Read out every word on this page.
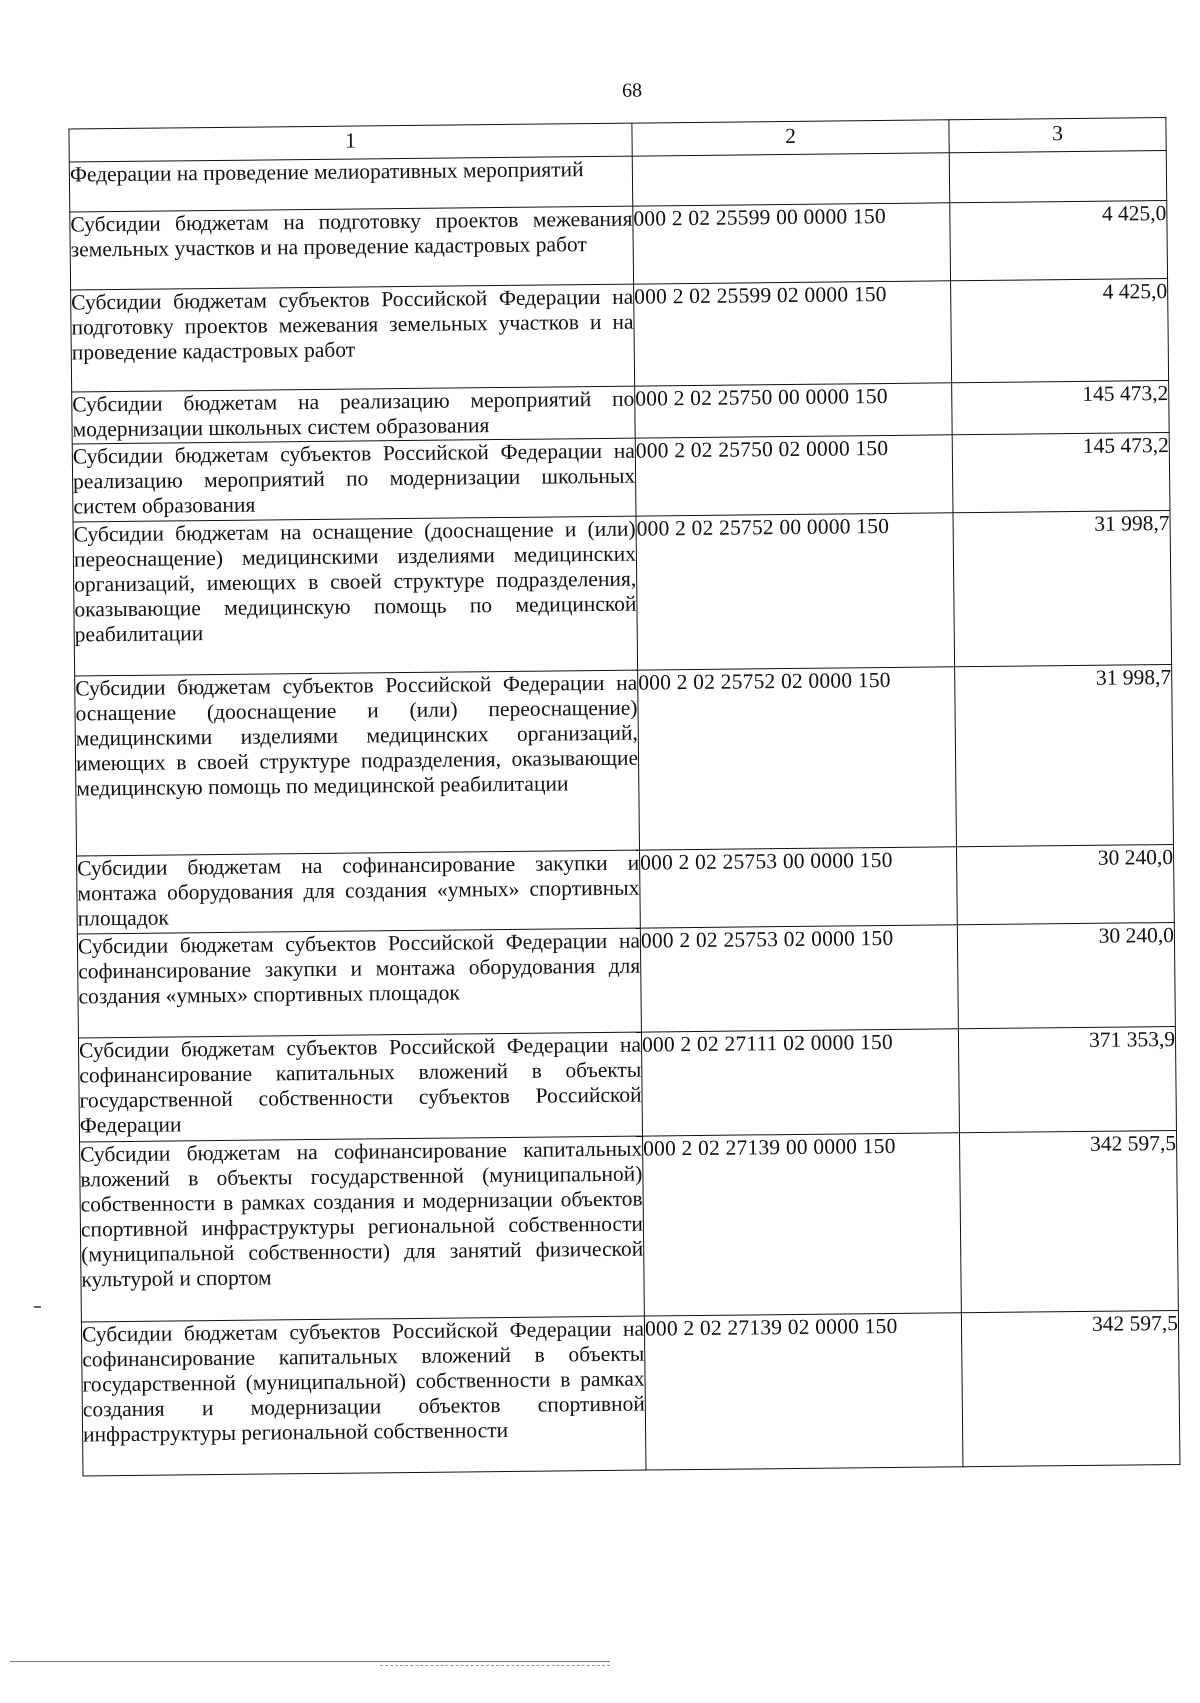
68
1	2	3
Федерации на проведение мелиоративных мероприятий		
Субсидии бюджетам на подготовку проектов межевания земельных участков и на проведение кадастровых работ	000 2 02 25599 00 0000 150	4 425,0
Субсидии бюджетам субъектов Российской Федерации на подготовку проектов межевания земельных участков и на проведение кадастровых работ	000 2 02 25599 02 0000 150	4 425,0
Субсидии бюджетам на реализацию мероприятий по модернизации школьных систем образования	000 2 02 25750 00 0000 150	145 473,2
Субсидии бюджетам субъектов Российской Федерации на реализацию мероприятий по модернизации школьных систем образования	000 2 02 25750 02 0000 150	145 473,2
Субсидии бюджетам на оснащение (дооснащение и (или) переоснащение) медицинскими изделиями медицинских организаций, имеющих в своей структуре подразделения, оказывающие медицинскую помощь по медицинской реабилитации	000 2 02 25752 00 0000 150	31 998,7
Субсидии бюджетам субъектов Российской Федерации на оснащение (дооснащение и (или) переоснащение) медицинскими изделиями медицинских организаций, имеющих в своей структуре подразделения, оказывающие медицинскую помощь по медицинской реабилитации	000 2 02 25752 02 0000 150	31 998,7
Субсидии бюджетам на софинансирование закупки и монтажа оборудования для создания «умных» спортивных площадок	000 2 02 25753 00 0000 150	30 240,0
Субсидии бюджетам субъектов Российской Федерации на софинансирование закупки и монтажа оборудования для создания «умных» спортивных площадок	000 2 02 25753 02 0000 150	30 240,0
Субсидии бюджетам субъектов Российской Федерации на софинансирование капитальных вложений в объекты государственной собственности субъектов Российской Федерации	000 2 02 27111 02 0000 150	371 353,9
Субсидии бюджетам на софинансирование капитальных вложений в объекты государственной (муниципальной) собственности в рамках создания и модернизации объектов спортивной инфраструктуры региональной собственности (муниципальной собственности) для занятий физической культурой и спортом	000 2 02 27139 00 0000 150	342 597,5
Субсидии бюджетам субъектов Российской Федерации на софинансирование капитальных вложений в объекты государственной (муниципальной) собственности в рамках создания и модернизации объектов спортивной инфраструктуры региональной собственности	000 2 02 27139 02 0000 150	342 597,5
